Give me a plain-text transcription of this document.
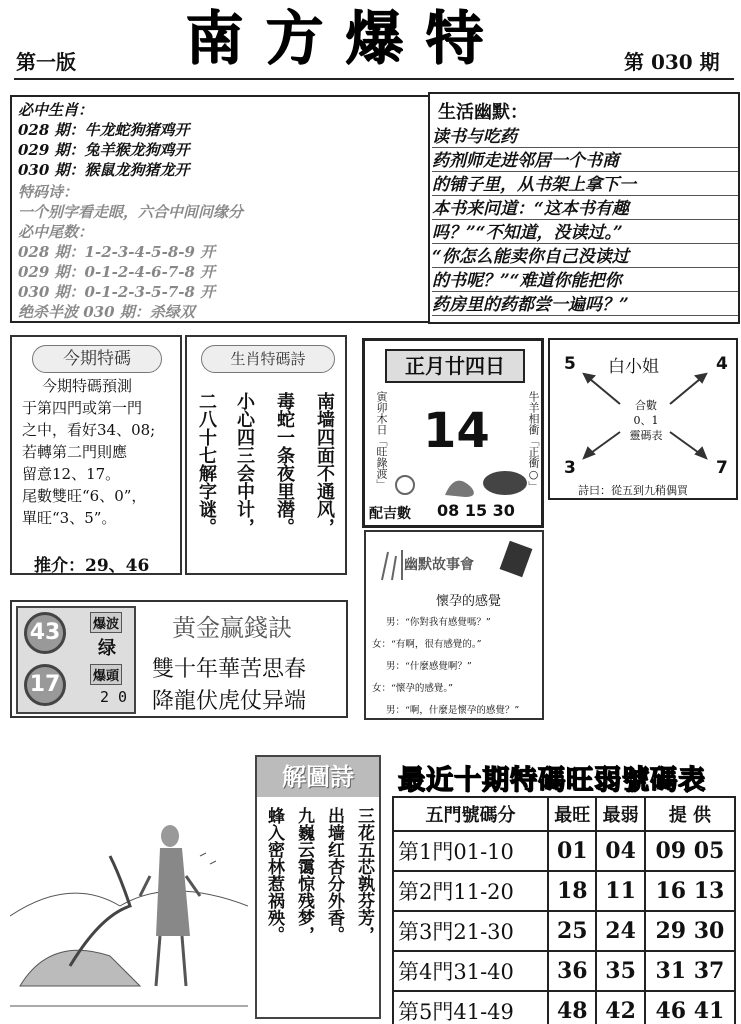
南方爆特
第一版	第 030 期
必中生肖：
028 期：牛龙蛇狗猪鸡开
029 期：兔羊猴龙狗鸡开
030 期：猴鼠龙狗猪龙开
特码诗：
一个别字看走眼，六合中间问缘分
必中尾数：
028 期：1-2-3-4-5-8-9 开
029 期：0-1-2-4-6-7-8 开
030 期：0-1-2-3-5-7-8 开
绝杀半波 030 期：杀绿双
生活幽默：
读书与吃药
药剂师走进邻居一个书商
的铺子里，从书架上拿下一
本书来问道：“这本书有趣
吗？”“不知道，没读过。”
“你怎么能卖你自己没读过
的书呢？”“难道你能把你
药房里的药都尝一遍吗？”
今期特碼
今期特碼預測
于第四門或第一門
之中，看好34、08;
若轉第二門則應
留意12、17。
尾數雙旺“6、0”，
單旺“3、5”。
推介：29、46
生肖特碼詩
南墙四面不通风，
毒蛇一条夜里潜。
小心四三会中计，
二八十七解字谜。
正月廿四日
寅卯木日「旺錄渡」 14	牛羊相衝「正衝○」
配吉數 08 15 30
白小姐
5	4
3	7
合數
0、1
靈碼表
詩曰：從五到九稍偶買
幽默故事會
懷孕的感覺
男：“你對我有感覺嗎？”
女：“有啊，很有感覺的。”
男：“什麼感覺啊？”
女：“懷孕的感覺。”
男：“啊，什麼是懷孕的感覺？”
43	爆波
绿
17	爆頭
2 0
黄金赢錢訣
雙十年華苦思春
降龍伏虎仗异端
解圖詩
三花五芯孰芬芳，
出墙红杏分外香。
九巍云霭惊残梦，
蜂入密林惹祸殃。
最近十期特碼旺弱號碼表
五門號碼分	最旺	最弱	提 供
第1門01-10	01	04	09 05
第2門11-20	18	11	16 13
第3門21-30	25	24	29 30
第4門31-40	36	35	31 37
第5門41-49	48	42	46 41
